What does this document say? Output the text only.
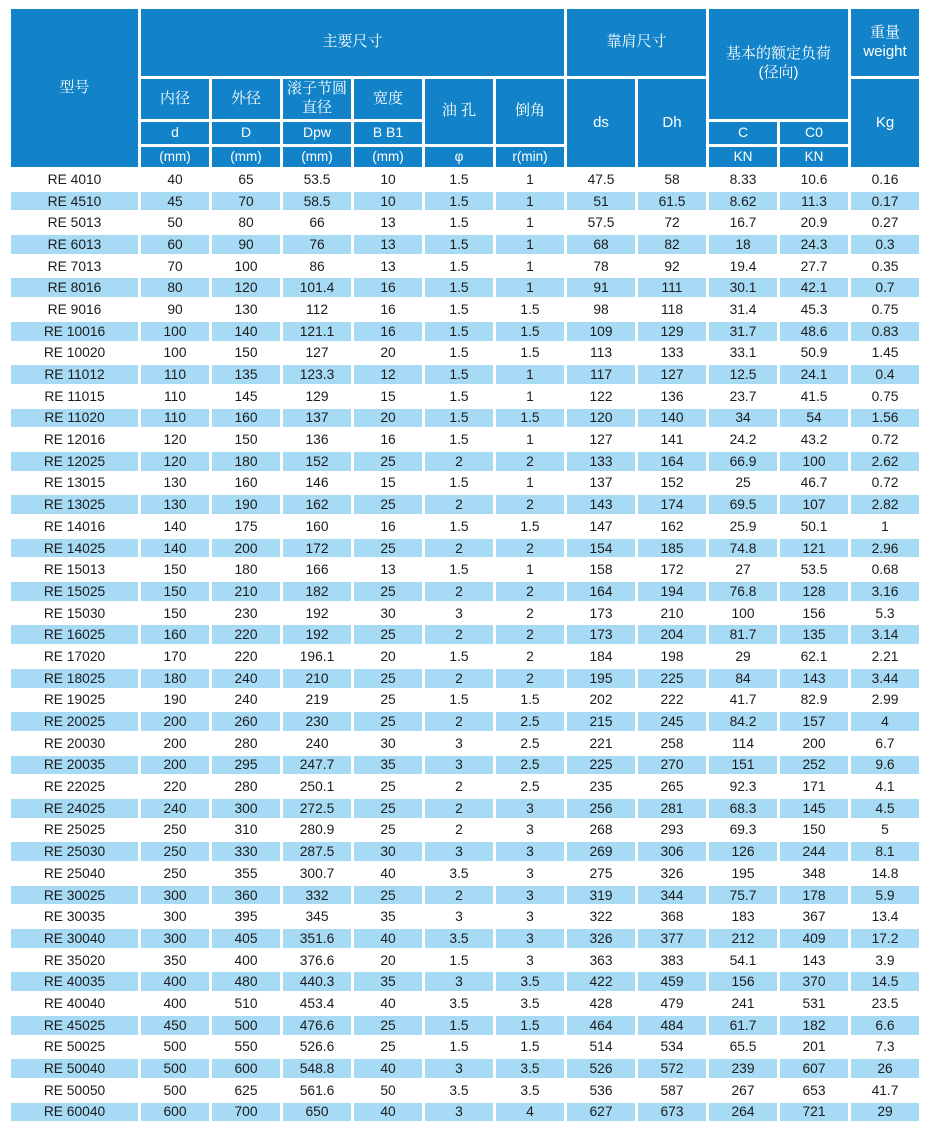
型号	主要尺寸						靠肩尺寸		基本的额定负荷
(径向)		重量
weight
	内径	外径	滚子节圆
直径	宽度	油 孔	倒角	ds	Dh			Kg
	d	D	Dpw	B B1					C	C0	
	(mm)	(mm)	(mm)	(mm)	φ	r(min)			KN	KN	
RE 4010	40	65	53.5	10	1.5	1	47.5	58	8.33	10.6	0.16
RE 4510	45	70	58.5	10	1.5	1	51	61.5	8.62	11.3	0.17
RE 5013	50	80	66	13	1.5	1	57.5	72	16.7	20.9	0.27
RE 6013	60	90	76	13	1.5	1	68	82	18	24.3	0.3
RE 7013	70	100	86	13	1.5	1	78	92	19.4	27.7	0.35
RE 8016	80	120	101.4	16	1.5	1	91	111	30.1	42.1	0.7
RE 9016	90	130	112	16	1.5	1.5	98	118	31.4	45.3	0.75
RE 10016	100	140	121.1	16	1.5	1.5	109	129	31.7	48.6	0.83
RE 10020	100	150	127	20	1.5	1.5	113	133	33.1	50.9	1.45
RE 11012	110	135	123.3	12	1.5	1	117	127	12.5	24.1	0.4
RE 11015	110	145	129	15	1.5	1	122	136	23.7	41.5	0.75
RE 11020	110	160	137	20	1.5	1.5	120	140	34	54	1.56
RE 12016	120	150	136	16	1.5	1	127	141	24.2	43.2	0.72
RE 12025	120	180	152	25	2	2	133	164	66.9	100	2.62
RE 13015	130	160	146	15	1.5	1	137	152	25	46.7	0.72
RE 13025	130	190	162	25	2	2	143	174	69.5	107	2.82
RE 14016	140	175	160	16	1.5	1.5	147	162	25.9	50.1	1
RE 14025	140	200	172	25	2	2	154	185	74.8	121	2.96
RE 15013	150	180	166	13	1.5	1	158	172	27	53.5	0.68
RE 15025	150	210	182	25	2	2	164	194	76.8	128	3.16
RE 15030	150	230	192	30	3	2	173	210	100	156	5.3
RE 16025	160	220	192	25	2	2	173	204	81.7	135	3.14
RE 17020	170	220	196.1	20	1.5	2	184	198	29	62.1	2.21
RE 18025	180	240	210	25	2	2	195	225	84	143	3.44
RE 19025	190	240	219	25	1.5	1.5	202	222	41.7	82.9	2.99
RE 20025	200	260	230	25	2	2.5	215	245	84.2	157	4
RE 20030	200	280	240	30	3	2.5	221	258	114	200	6.7
RE 20035	200	295	247.7	35	3	2.5	225	270	151	252	9.6
RE 22025	220	280	250.1	25	2	2.5	235	265	92.3	171	4.1
RE 24025	240	300	272.5	25	2	3	256	281	68.3	145	4.5
RE 25025	250	310	280.9	25	2	3	268	293	69.3	150	5
RE 25030	250	330	287.5	30	3	3	269	306	126	244	8.1
RE 25040	250	355	300.7	40	3.5	3	275	326	195	348	14.8
RE 30025	300	360	332	25	2	3	319	344	75.7	178	5.9
RE 30035	300	395	345	35	3	3	322	368	183	367	13.4
RE 30040	300	405	351.6	40	3.5	3	326	377	212	409	17.2
RE 35020	350	400	376.6	20	1.5	3	363	383	54.1	143	3.9
RE 40035	400	480	440.3	35	3	3.5	422	459	156	370	14.5
RE 40040	400	510	453.4	40	3.5	3.5	428	479	241	531	23.5
RE 45025	450	500	476.6	25	1.5	1.5	464	484	61.7	182	6.6
RE 50025	500	550	526.6	25	1.5	1.5	514	534	65.5	201	7.3
RE 50040	500	600	548.8	40	3	3.5	526	572	239	607	26
RE 50050	500	625	561.6	50	3.5	3.5	536	587	267	653	41.7
RE 60040	600	700	650	40	3	4	627	673	264	721	29
